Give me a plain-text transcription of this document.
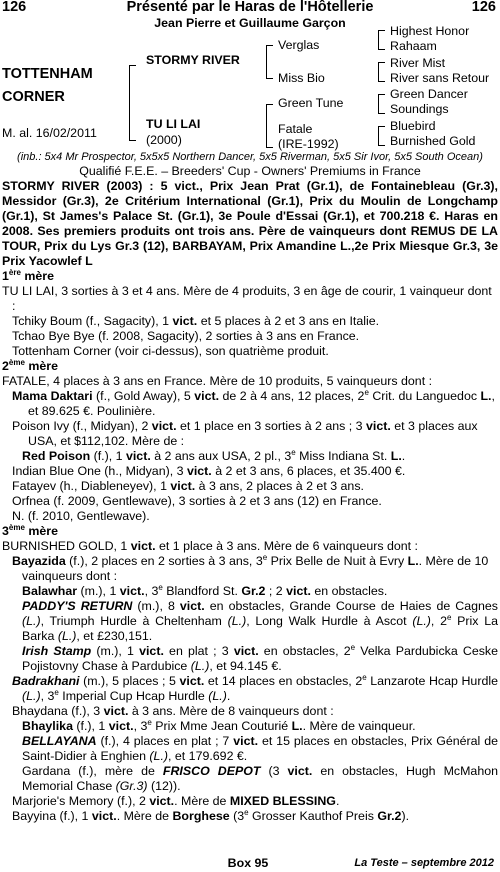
126	Présenté par le Haras de l'Hôtellerie	126
Jean Pierre et Guillaume Garçon
TOTTENHAM
CORNER
M. al. 16/02/2011
STORMY RIVER
TU LI LAI
(2000)
Verglas
Miss Bio
Green Tune
Fatale
(IRE-1992)
Highest Honor
Rahaam
River Mist
River sans Retour
Green Dancer
Soundings
Bluebird
Burnished Gold
(inb.: 5x4 Mr Prospector, 5x5x5 Northern Dancer, 5x5 Riverman, 5x5 Sir Ivor, 5x5 South Ocean)
Qualifié F.E.E. – Breeders' Cup - Owners' Premiums in France

STORMY RIVER (2003) : 5 vict., Prix Jean Prat (Gr.1), de Fontainebleau (Gr.3), Messidor (Gr.3), 2e Critérium International (Gr.1), Prix du Moulin de Longchamp (Gr.1), St James's Palace St. (Gr.1), 3e Poule d'Essai (Gr.1), et 700.218 €. Haras en 2008. Ses premiers produits ont trois ans. Père de vainqueurs dont REMUS DE LA TOUR, Prix du Lys Gr.3 (12), BARBAYAM, Prix Amandine L.,2e Prix Miesque Gr.3, 3e Prix Yacowlef L

1ère mère

TU LI LAI, 3 sorties à 3 et 4 ans. Mère de 4 produits, 3 en âge de courir, 1 vainqueur dont :

Tchiky Boum (f., Sagacity), 1 vict. et 5 places à 2 et 3 ans en Italie.

Tchao Bye Bye (f. 2008, Sagacity), 2 sorties à 3 ans en France.

Tottenham Corner (voir ci-dessus), son quatrième produit.

2ème mère

FATALE, 4 places à 3 ans en France. Mère de 10 produits, 5 vainqueurs dont :

Mama Daktari (f., Gold Away), 5 vict. de 2 à 4 ans, 12 places, 2e Crit. du Languedoc L., et 89.625 €. Poulinière.

Poison Ivy (f., Midyan), 2 vict. et 1 place en 3 sorties à 2 ans ; 3 vict. et 3 places aux USA, et $112,102. Mère de :

Red Poison (f.), 1 vict. à 2 ans aux USA, 2 pl., 3e Miss Indiana St. L..

Indian Blue One (h., Midyan), 3 vict. à 2 et 3 ans, 6 places, et 35.400 €.

Fatayev (h., Diableneyev), 1 vict. à 3 ans, 2 places à 2 et 3 ans.

Orfnea (f. 2009, Gentlewave), 3 sorties à 2 et 3 ans (12) en France.

N. (f. 2010, Gentlewave).

3ème mère

BURNISHED GOLD, 1 vict. et 1 place à 3 ans. Mère de 6 vainqueurs dont :

Bayazida (f.), 2 places en 2 sorties à 3 ans, 3e Prix Belle de Nuit à Evry L.. Mère de 10 vainqueurs dont :

Balawhar (m.), 1 vict., 3e Blandford St. Gr.2 ; 2 vict. en obstacles.

PADDY'S RETURN (m.), 8 vict. en obstacles, Grande Course de Haies de Cagnes (L.), Triumph Hurdle à Cheltenham (L.), Long Walk Hurdle à Ascot (L.), 2e Prix La Barka (L.), et £230,151.

Irish Stamp (m.), 1 vict. en plat ; 3 vict. en obstacles, 2e Velka Pardubicka Ceske Pojistovny Chase à Pardubice (L.), et 94.145 €.

Badrakhani (m.), 5 places ; 5 vict. et 14 places en obstacles, 2e Lanzarote Hcap Hurdle (L.), 3e Imperial Cup Hcap Hurdle (L.).

Bhaydana (f.), 3 vict. à 3 ans. Mère de 8 vainqueurs dont :

Bhaylika (f.), 1 vict., 3e Prix Mme Jean Couturié L.. Mère de vainqueur.

BELLAYANA (f.), 4 places en plat ; 7 vict. et 15 places en obstacles, Prix Général de Saint-Didier à Enghien (L.), et 179.692 €.

Gardana (f.), mère de FRISCO DEPOT (3 vict. en obstacles, Hugh McMahon Memorial Chase (Gr.3) (12)).

Marjorie's Memory (f.), 2 vict.. Mère de MIXED BLESSING.

Bayyina (f.), 1 vict.. Mère de Borghese (3e Grosser Kauthof Preis Gr.2).

Box 95	La Teste – septembre 2012
